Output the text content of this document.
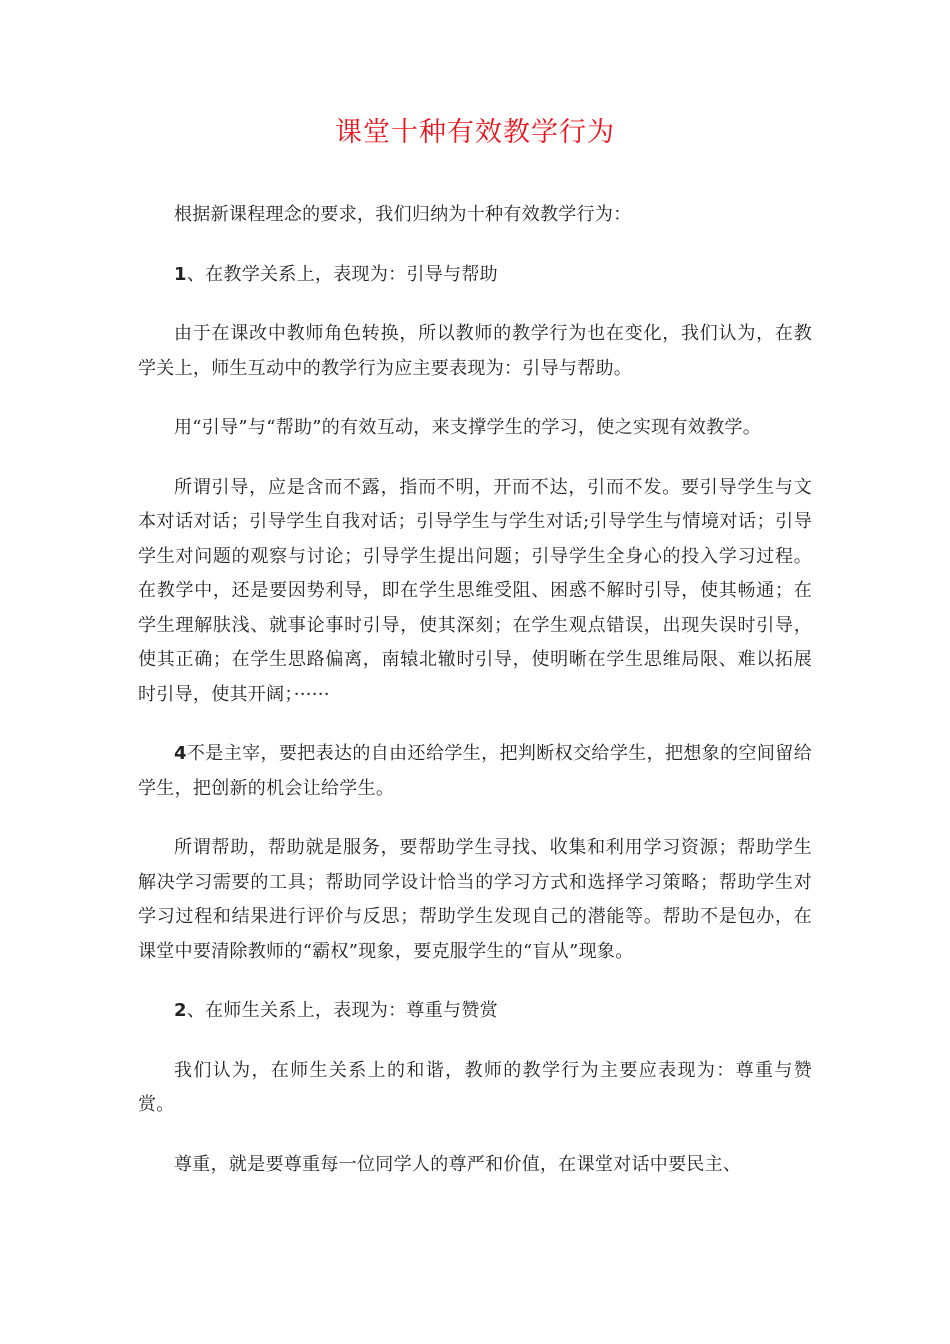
课堂十种有效教学行为

根据新课程理念的要求，我们归纳为十种有效教学行为：

1、在教学关系上，表现为：引导与帮助

由于在课改中教师角色转换，所以教师的教学行为也在变化，我们认为，在教学关上，师生互动中的教学行为应主要表现为：引导与帮助。

用“引导”与“帮助”的有效互动，来支撑学生的学习，使之实现有效教学。

所谓引导，应是含而不露，指而不明，开而不达，引而不发。要引导学生与文本对话对话；引导学生自我对话；引导学生与学生对话;引导学生与情境对话；引导学生对问题的观察与讨论；引导学生提出问题；引导学生全身心的投入学习过程。在教学中，还是要因势利导，即在学生思维受阻、困惑不解时引导，使其畅通；在学生理解肤浅、就事论事时引导，使其深刻；在学生观点错误，出现失误时引导，使其正确；在学生思路偏离，南辕北辙时引导，使明晰在学生思维局限、难以拓展时引导，使其开阔；······

4不是主宰，要把表达的自由还给学生，把判断权交给学生，把想象的空间留给学生，把创新的机会让给学生。

所谓帮助，帮助就是服务，要帮助学生寻找、收集和利用学习资源；帮助学生解决学习需要的工具；帮助同学设计恰当的学习方式和选择学习策略；帮助学生对学习过程和结果进行评价与反思；帮助学生发现自己的潜能等。帮助不是包办，在课堂中要清除教师的“霸权”现象，要克服学生的“盲从”现象。

2、在师生关系上，表现为：尊重与赞赏

我们认为，在师生关系上的和谐，教师的教学行为主要应表现为：尊重与赞赏。

尊重，就是要尊重每一位同学人的尊严和价值，在课堂对话中要民主、
